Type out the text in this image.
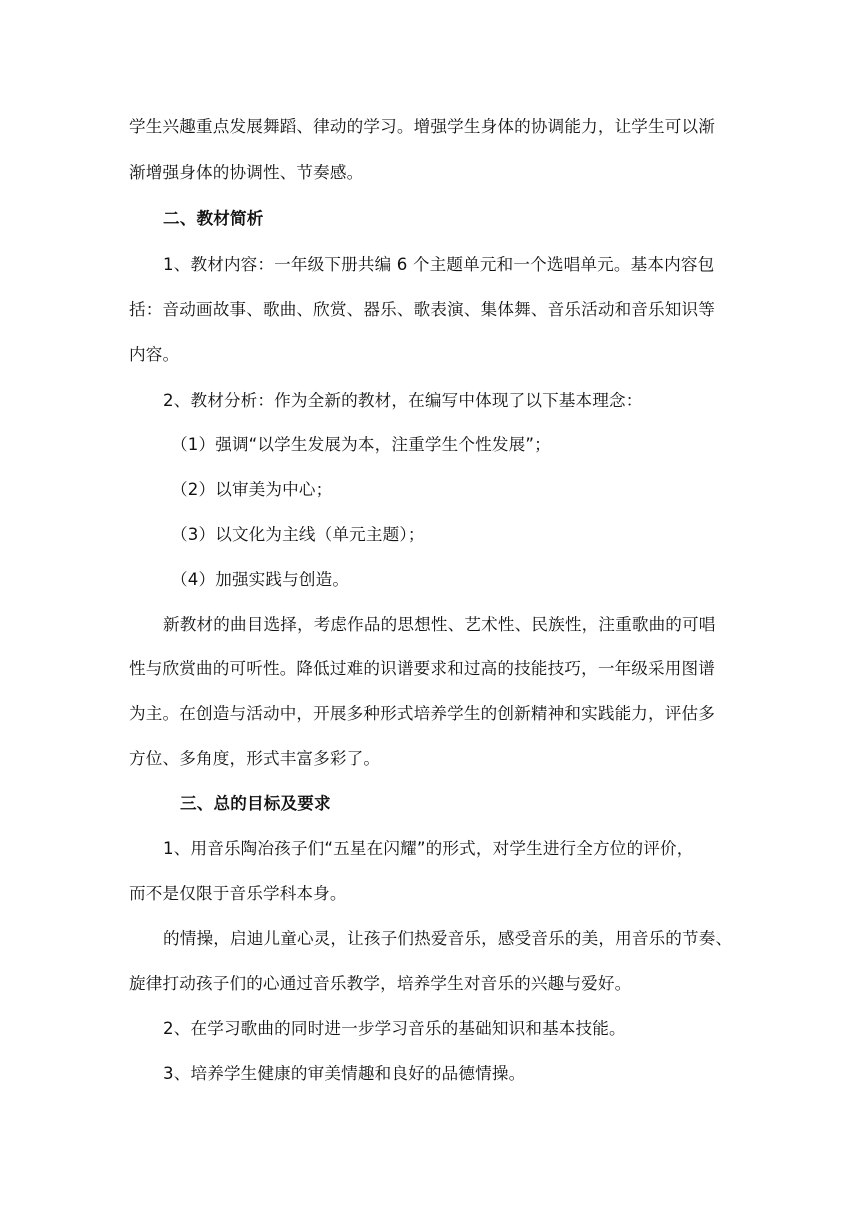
学生兴趣重点发展舞蹈、律动的学习。增强学生身体的协调能力，让学生可以渐
渐增强身体的协调性、节奏感。
二、教材简析
1、教材内容：一年级下册共编 6 个主题单元和一个选唱单元。基本内容包
括：音动画故事、歌曲、欣赏、器乐、歌表演、集体舞、音乐活动和音乐知识等
内容。
2、教材分析：作为全新的教材，在编写中体现了以下基本理念：
（1）强调“以学生发展为本，注重学生个性发展”；
（2）以审美为中心；
（3）以文化为主线（单元主题）；
（4）加强实践与创造。
新教材的曲目选择，考虑作品的思想性、艺术性、民族性，注重歌曲的可唱
性与欣赏曲的可听性。降低过难的识谱要求和过高的技能技巧，一年级采用图谱
为主。在创造与活动中，开展多种形式培养学生的创新精神和实践能力，评估多
方位、多角度，形式丰富多彩了。
三、总的目标及要求
1、用音乐陶冶孩子们“五星在闪耀”的形式，对学生进行全方位的评价，
而不是仅限于音乐学科本身。
的情操，启迪儿童心灵，让孩子们热爱音乐，感受音乐的美，用音乐的节奏、
旋律打动孩子们的心通过音乐教学，培养学生对音乐的兴趣与爱好。
2、在学习歌曲的同时进一步学习音乐的基础知识和基本技能。
3、培养学生健康的审美情趣和良好的品德情操。
